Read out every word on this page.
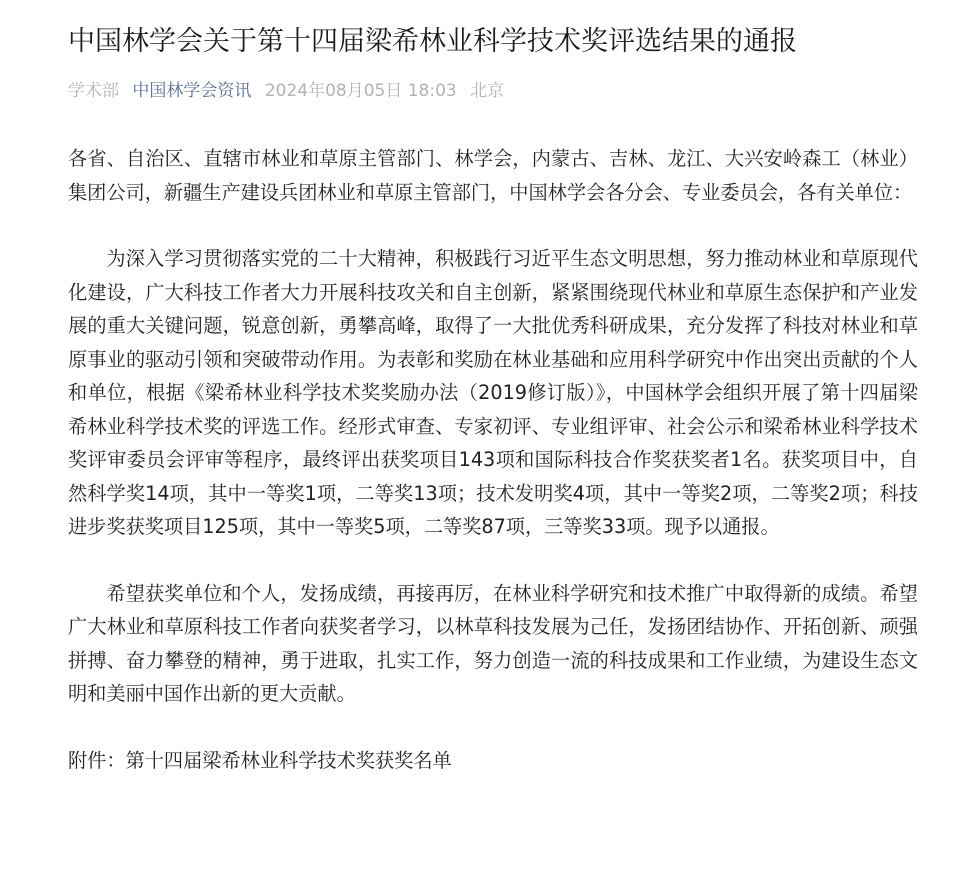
中国林学会关于第十四届梁希林业科学技术奖评选结果的通报
学术部 中国林学会资讯 2024年08月05日 18:03 北京

各省、自治区、直辖市林业和草原主管部门、林学会，内蒙古、吉林、龙江、大兴安岭森工（林业）集团公司，新疆生产建设兵团林业和草原主管部门，中国林学会各分会、专业委员会，各有关单位：

为深入学习贯彻落实党的二十大精神，积极践行习近平生态文明思想，努力推动林业和草原现代化建设，广大科技工作者大力开展科技攻关和自主创新，紧紧围绕现代林业和草原生态保护和产业发展的重大关键问题，锐意创新，勇攀高峰，取得了一大批优秀科研成果，充分发挥了科技对林业和草原事业的驱动引领和突破带动作用。为表彰和奖励在林业基础和应用科学研究中作出突出贡献的个人和单位，根据《梁希林业科学技术奖奖励办法（2019修订版）》，中国林学会组织开展了第十四届梁希林业科学技术奖的评选工作。经形式审查、专家初评、专业组评审、社会公示和梁希林业科学技术奖评审委员会评审等程序，最终评出获奖项目143项和国际科技合作奖获奖者1名。获奖项目中，自然科学奖14项，其中一等奖1项，二等奖13项；技术发明奖4项，其中一等奖2项，二等奖2项；科技进步奖获奖项目125项，其中一等奖5项，二等奖87项，三等奖33项。现予以通报。

希望获奖单位和个人，发扬成绩，再接再厉，在林业科学研究和技术推广中取得新的成绩。希望广大林业和草原科技工作者向获奖者学习，以林草科技发展为己任，发扬团结协作、开拓创新、顽强拼搏、奋力攀登的精神，勇于进取，扎实工作，努力创造一流的科技成果和工作业绩，为建设生态文明和美丽中国作出新的更大贡献。

附件：第十四届梁希林业科学技术奖获奖名单
